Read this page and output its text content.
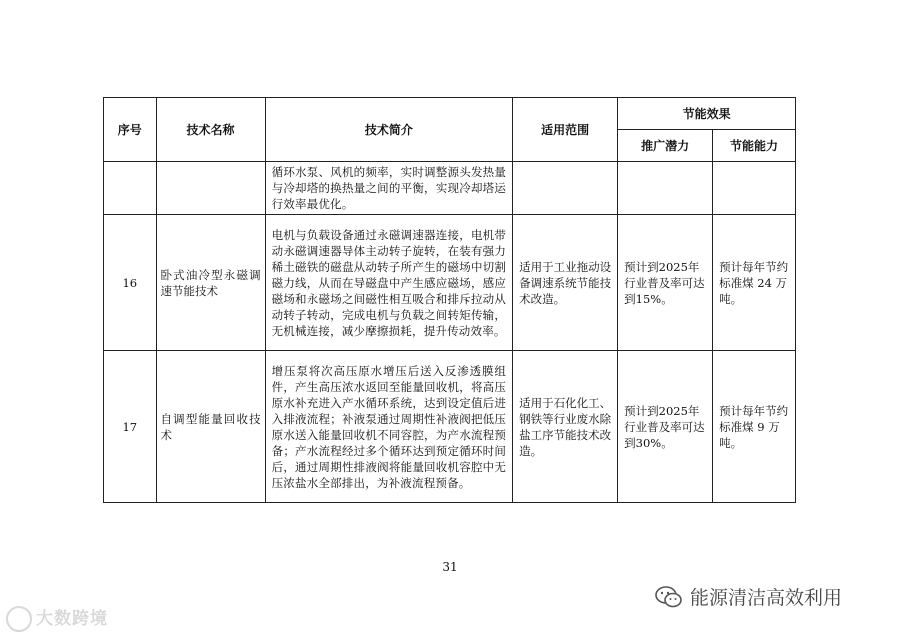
序号	技术名称	技术简介	适用范围	节能效果	
				推广潜力	节能能力
		循环水泵、风机的频率，实时调整源头发热量与冷却塔的换热量之间的平衡，实现冷却塔运行效率最优化。			
16	卧式油冷型永磁调速节能技术	电机与负载设备通过永磁调速器连接，电机带动永磁调速器导体主动转子旋转，在装有强力稀土磁铁的磁盘从动转子所产生的磁场中切割磁力线，从而在导磁盘中产生感应磁场，感应磁场和永磁场之间磁性相互吸合和排斥拉动从动转子转动，完成电机与负载之间转矩传输，无机械连接，减少摩擦损耗，提升传动效率。	适用于工业拖动设备调速系统节能技术改造。	预计到2025年行业普及率可达到15%。	预计每年节约标准煤 24 万吨。
17	自调型能量回收技术	增压泵将次高压原水增压后送入反渗透膜组件，产生高压浓水返回至能量回收机，将高压原水补充进入产水循环系统，达到设定值后进入排液流程；补液泵通过周期性补液阀把低压原水送入能量回收机不同容腔，为产水流程预备；产水流程经过多个循环达到预定循环时间后，通过周期性排液阀将能量回收机容腔中无压浓盐水全部排出，为补液流程预备。	适用于石化化工、钢铁等行业废水除盐工序节能技术改造。	预计到2025年行业普及率可达到30%。	预计每年节约标准煤 9 万吨。
31
大数跨境
能源清洁高效利用
